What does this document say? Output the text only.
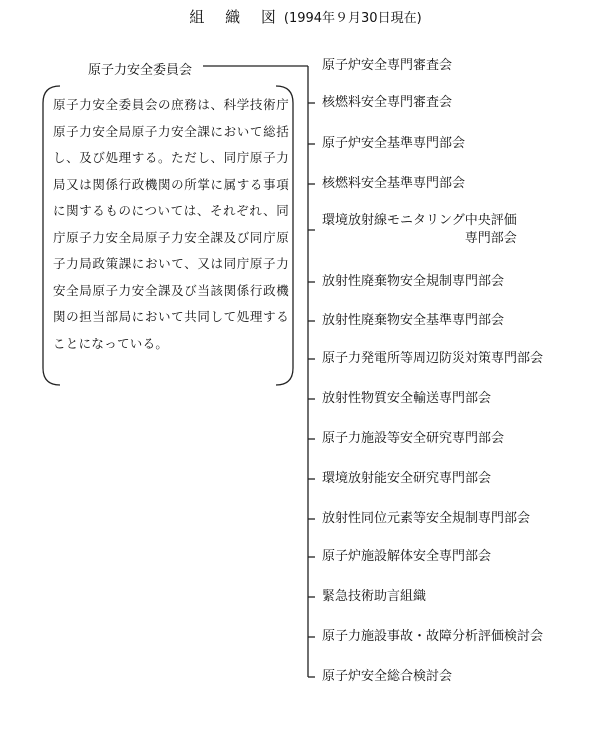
組 織 図(1994年９月30日現在)
原子力安全委員会
原子力安全委員会の庶務は、科学技術庁原子力安全局原子力安全課において総括し、及び処理する。ただし、同庁原子力局又は関係行政機関の所掌に属する事項に関するものについては、それぞれ、同庁原子力安全局原子力安全課及び同庁原子力局政策課において、又は同庁原子力安全局原子力安全課及び当該関係行政機関の担当部局において共同して処理することになっている。
原子炉安全専門審査会
核燃料安全専門審査会
原子炉安全基準専門部会
核燃料安全基準専門部会
環境放射線モニタリング中央評価
専門部会
放射性廃棄物安全規制専門部会
放射性廃棄物安全基準専門部会
原子力発電所等周辺防災対策専門部会
放射性物質安全輸送専門部会
原子力施設等安全研究専門部会
環境放射能安全研究専門部会
放射性同位元素等安全規制専門部会
原子炉施設解体安全専門部会
緊急技術助言組織
原子力施設事故・故障分析評価検討会
原子炉安全総合検討会
